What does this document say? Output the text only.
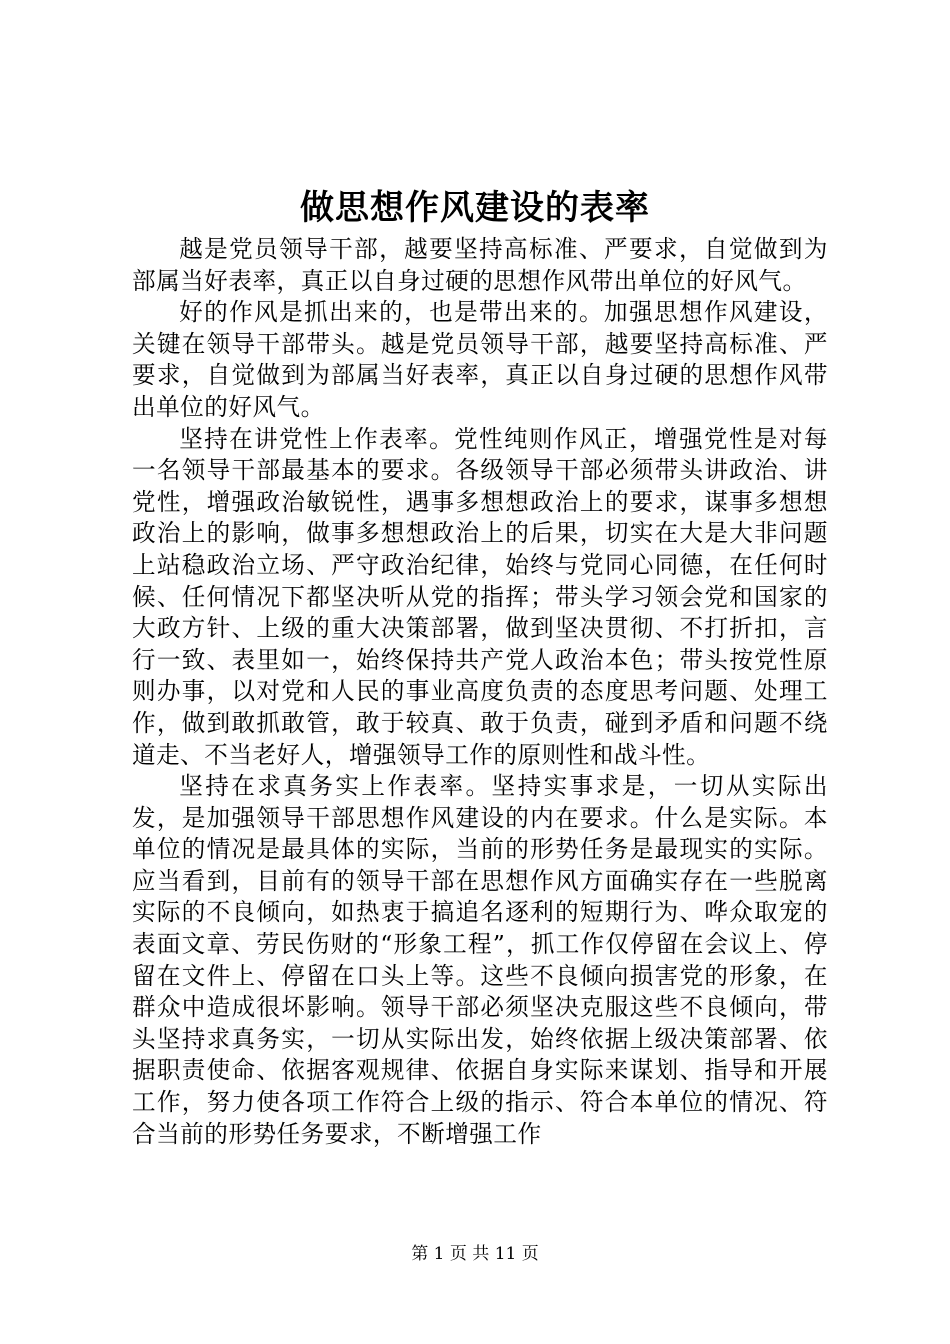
做思想作风建设的表率

越是党员领导干部，越要坚持高标准、严要求，自觉做到为部属当好表率，真正以自身过硬的思想作风带出单位的好风气。

好的作风是抓出来的，也是带出来的。加强思想作风建设，关键在领导干部带头。越是党员领导干部，越要坚持高标准、严要求，自觉做到为部属当好表率，真正以自身过硬的思想作风带出单位的好风气。

坚持在讲党性上作表率。党性纯则作风正，增强党性是对每一名领导干部最基本的要求。各级领导干部必须带头讲政治、讲党性，增强政治敏锐性，遇事多想想政治上的要求，谋事多想想政治上的影响，做事多想想政治上的后果，切实在大是大非问题上站稳政治立场、严守政治纪律，始终与党同心同德，在任何时候、任何情况下都坚决听从党的指挥；带头学习领会党和国家的大政方针、上级的重大决策部署，做到坚决贯彻、不打折扣，言行一致、表里如一，始终保持共产党人政治本色；带头按党性原则办事，以对党和人民的事业高度负责的态度思考问题、处理工作，做到敢抓敢管，敢于较真、敢于负责，碰到矛盾和问题不绕道走、不当老好人，增强领导工作的原则性和战斗性。

坚持在求真务实上作表率。坚持实事求是，一切从实际出发，是加强领导干部思想作风建设的内在要求。什么是实际。本单位的情况是最具体的实际，当前的形势任务是最现实的实际。应当看到，目前有的领导干部在思想作风方面确实存在一些脱离实际的不良倾向，如热衷于搞追名逐利的短期行为、哗众取宠的表面文章、劳民伤财的“形象工程”，抓工作仅停留在会议上、停留在文件上、停留在口头上等。这些不良倾向损害党的形象，在群众中造成很坏影响。领导干部必须坚决克服这些不良倾向，带头坚持求真务实，一切从实际出发，始终依据上级决策部署、依据职责使命、依据客观规律、依据自身实际来谋划、指导和开展工作，努力使各项工作符合上级的指示、符合本单位的情况、符合当前的形势任务要求，不断增强工作

第 1 页 共 11 页
